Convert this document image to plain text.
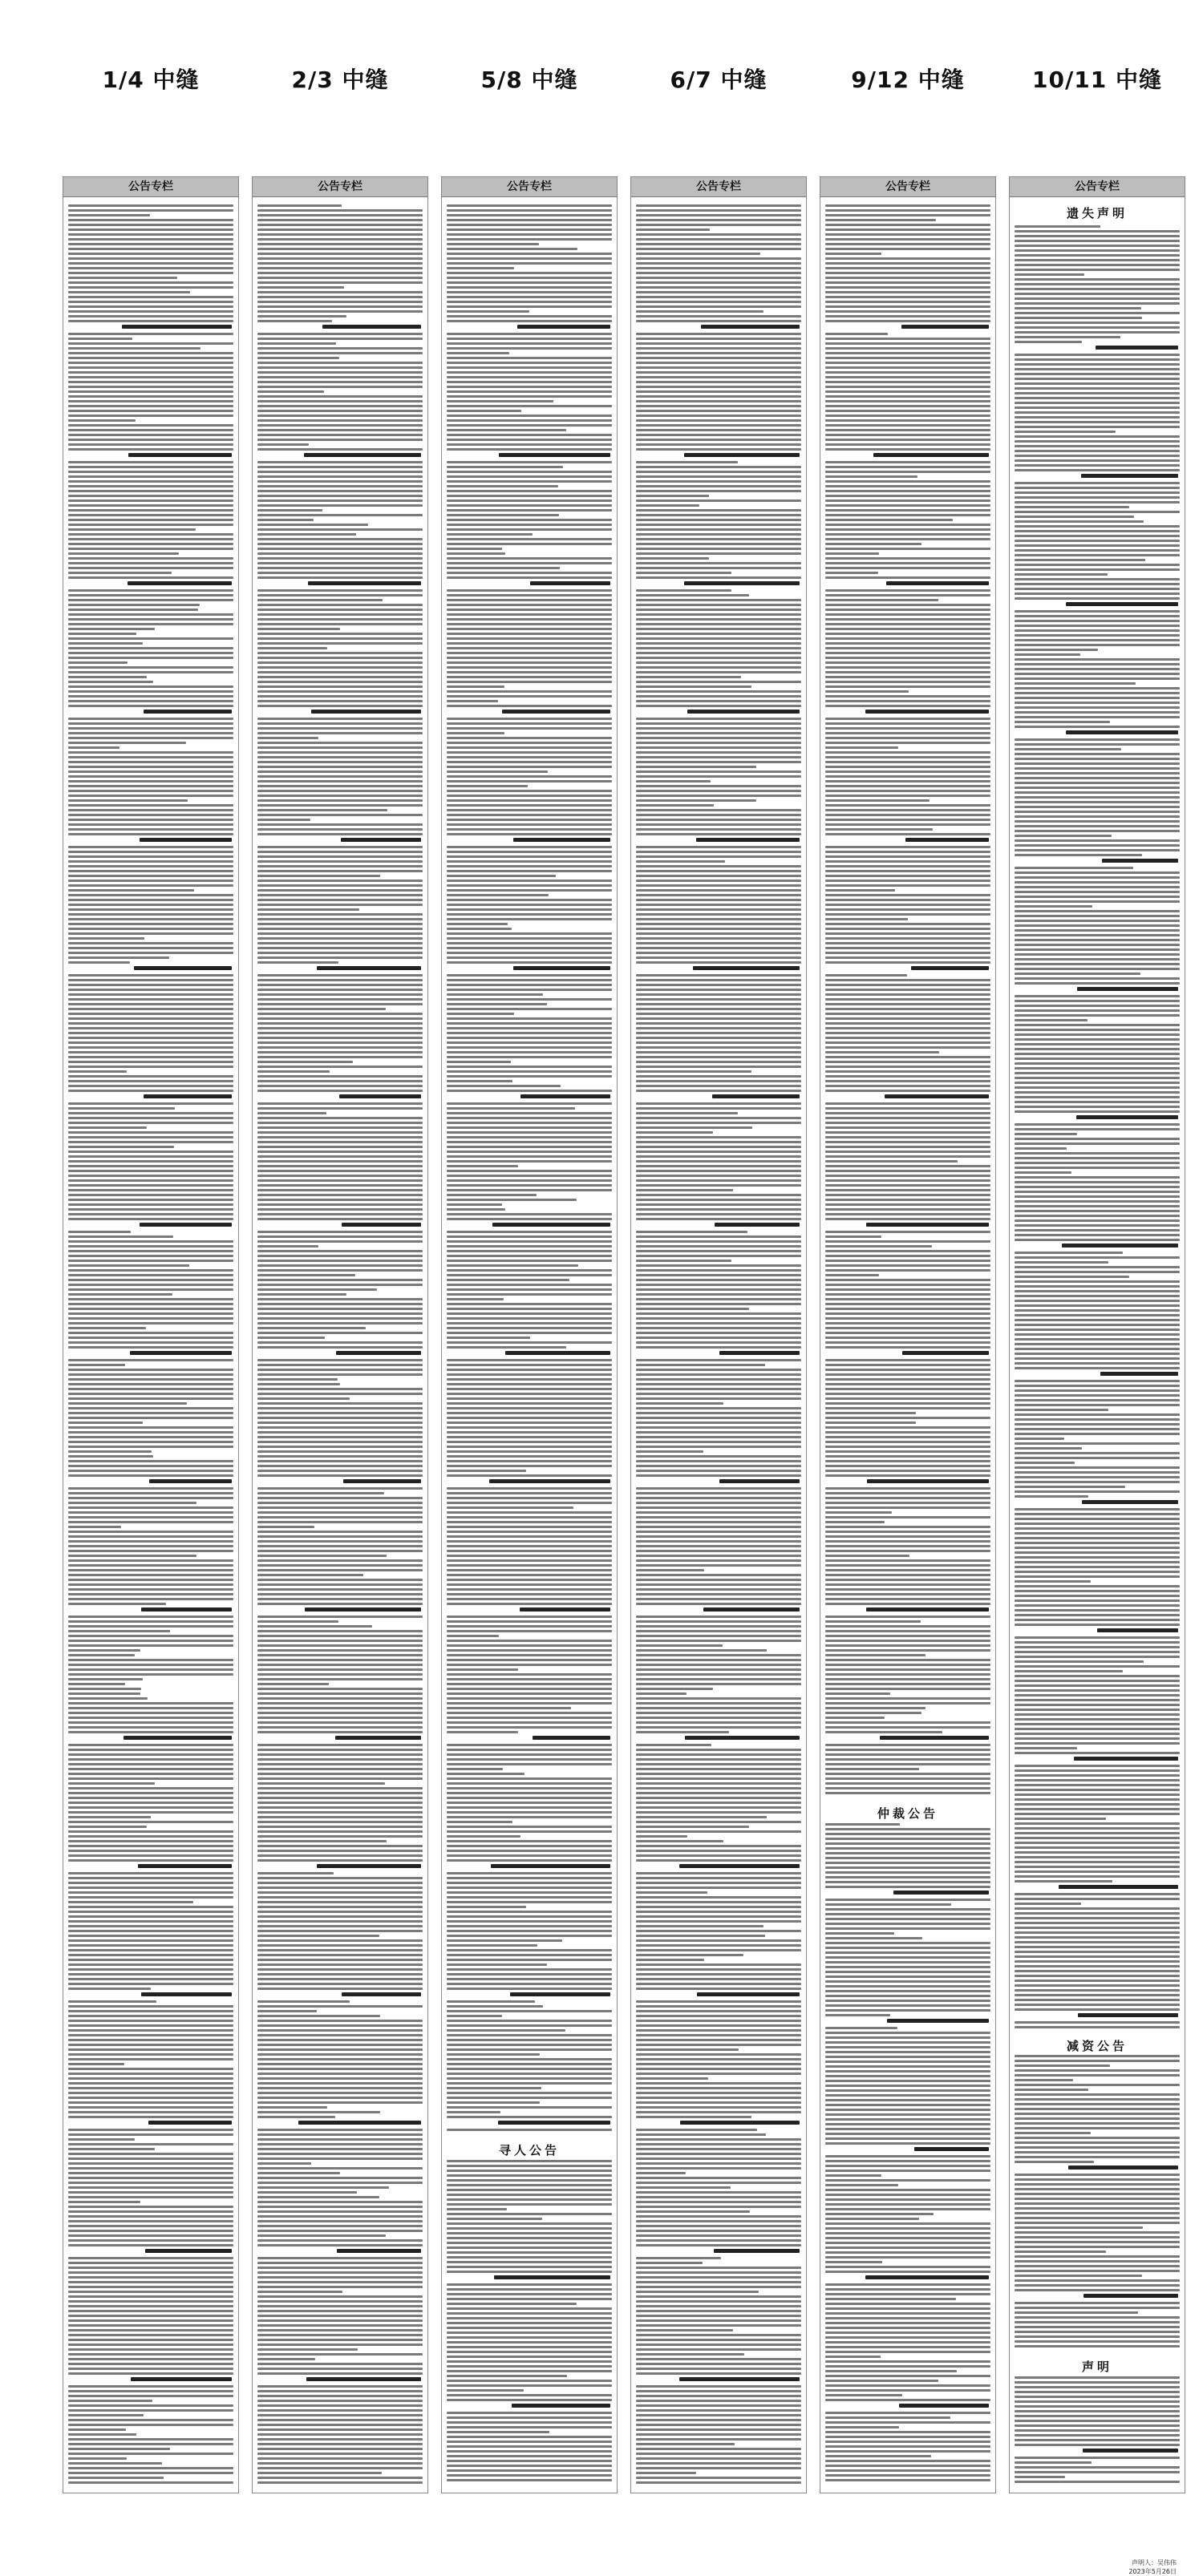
1/4 中缝
公告专栏
2/3 中缝
公告专栏
5/8 中缝
公告专栏
寻人公告
6/7 中缝
公告专栏
9/12 中缝
公告专栏
仲裁公告
10/11 中缝
公告专栏
遗失声明
减资公告
声明
声明人：吴伟伟
2023年5月26日
